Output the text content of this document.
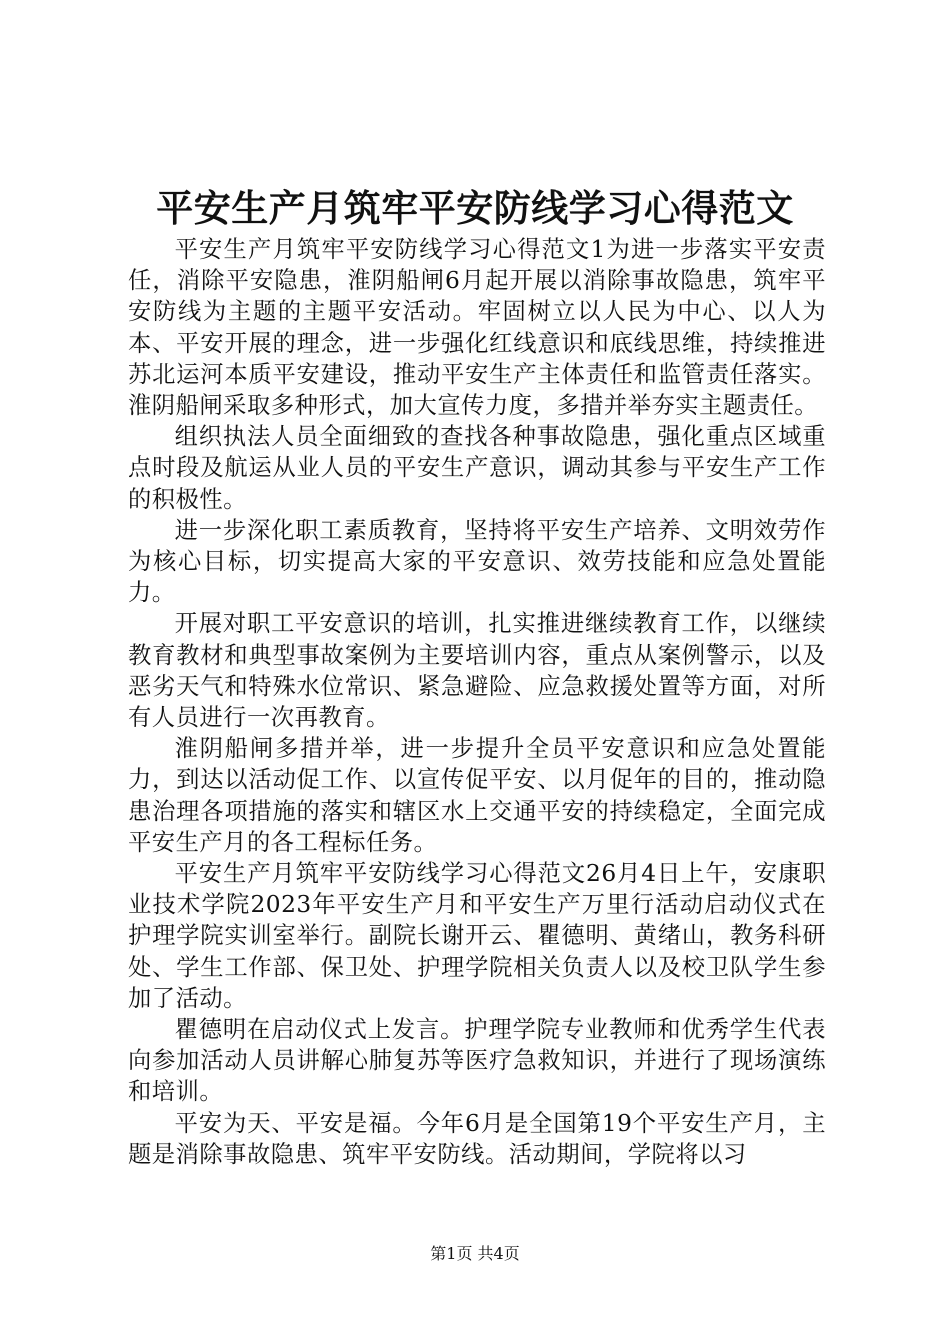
平安生产月筑牢平安防线学习心得范文

平安生产月筑牢平安防线学习心得范文1为进一步落实平安责任，消除平安隐患，淮阴船闸6月起开展以消除事故隐患，筑牢平安防线为主题的主题平安活动。牢固树立以人民为中心、以人为本、平安开展的理念，进一步强化红线意识和底线思维，持续推进苏北运河本质平安建设，推动平安生产主体责任和监管责任落实。淮阴船闸采取多种形式，加大宣传力度，多措并举夯实主题责任。

组织执法人员全面细致的查找各种事故隐患，强化重点区域重点时段及航运从业人员的平安生产意识，调动其参与平安生产工作的积极性。

进一步深化职工素质教育，坚持将平安生产培养、文明效劳作为核心目标，切实提高大家的平安意识、效劳技能和应急处置能力。

开展对职工平安意识的培训，扎实推进继续教育工作，以继续教育教材和典型事故案例为主要培训内容，重点从案例警示，以及恶劣天气和特殊水位常识、紧急避险、应急救援处置等方面，对所有人员进行一次再教育。

淮阴船闸多措并举，进一步提升全员平安意识和应急处置能力，到达以活动促工作、以宣传促平安、以月促年的目的，推动隐患治理各项措施的落实和辖区水上交通平安的持续稳定，全面完成平安生产月的各工程标任务。

平安生产月筑牢平安防线学习心得范文26月4日上午，安康职业技术学院2023年平安生产月和平安生产万里行活动启动仪式在护理学院实训室举行。副院长谢开云、瞿德明、黄绪山，教务科研处、学生工作部、保卫处、护理学院相关负责人以及校卫队学生参加了活动。

瞿德明在启动仪式上发言。护理学院专业教师和优秀学生代表向参加活动人员讲解心肺复苏等医疗急救知识，并进行了现场演练和培训。

平安为天、平安是福。今年6月是全国第19个平安生产月，主题是消除事故隐患、筑牢平安防线。活动期间，学院将以习

第1页 共4页
